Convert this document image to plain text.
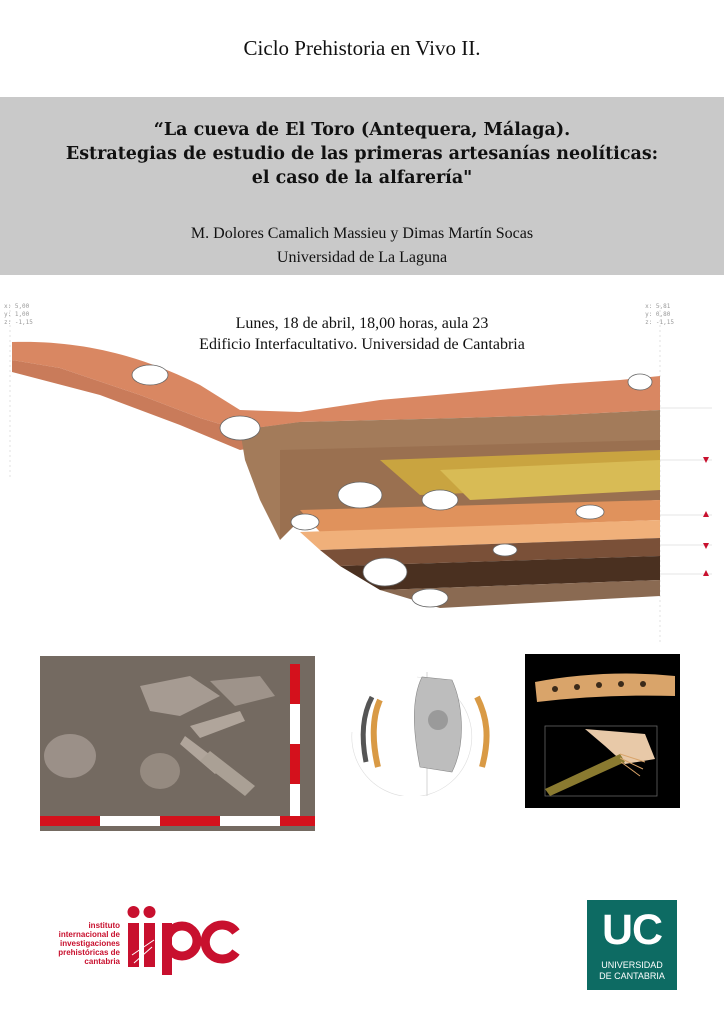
Ciclo Prehistoria en Vivo II.
“La cueva de El Toro (Antequera, Málaga).
Estrategias de estudio de las primeras artesanías neolíticas:
el caso de la alfarería"
M. Dolores Camalich Massieu y Dimas Martín Socas
Universidad de La Laguna
x: 5,00
y: 1,00
z: -1,15
x: 5,81
y: 0,80
z: -1,15
Lunes, 18 de abril, 18,00 horas, aula 23
Edificio Interfacultativo. Universidad de Cantabria
instituto
internacional de
investigaciones
prehistóricas de
cantabria
UC
UNIVERSIDAD
DE CANTABRIA
